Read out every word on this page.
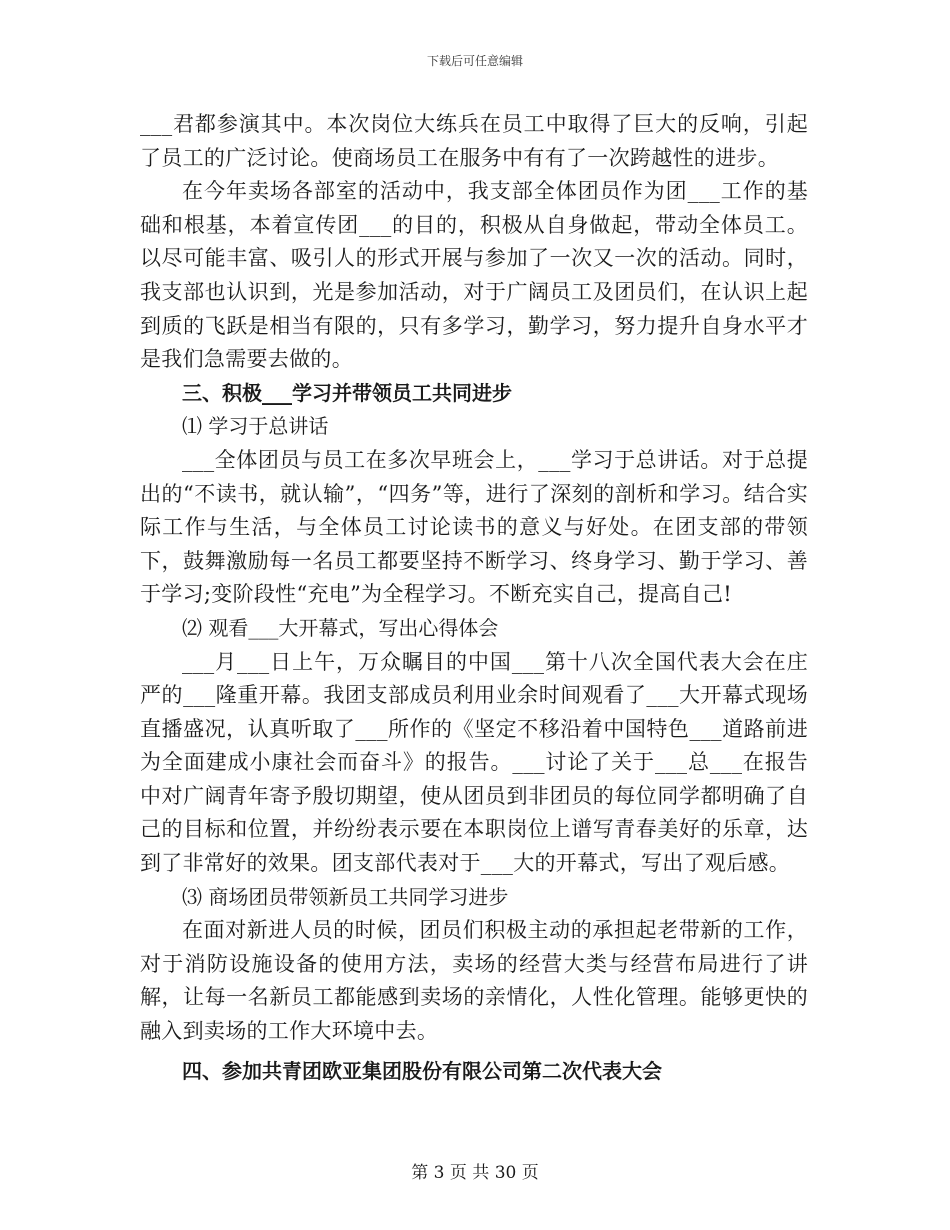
下载后可任意编辑

___君都参演其中。本次岗位大练兵在员工中取得了巨大的反响，引起了员工的广泛讨论。使商场员工在服务中有有了一次跨越性的进步。

在今年卖场各部室的活动中，我支部全体团员作为团___工作的基础和根基，本着宣传团___的目的，积极从自身做起，带动全体员工。以尽可能丰富、吸引人的形式开展与参加了一次又一次的活动。同时，我支部也认识到，光是参加活动，对于广阔员工及团员们，在认识上起到质的飞跃是相当有限的，只有多学习，勤学习，努力提升自身水平才是我们急需要去做的。

三、积极___学习并带领员工共同进步

⑴ 学习于总讲话

___全体团员与员工在多次早班会上，___学习于总讲话。对于总提出的“不读书，就认输”，“四务”等，进行了深刻的剖析和学习。结合实际工作与生活，与全体员工讨论读书的意义与好处。在团支部的带领下，鼓舞激励每一名员工都要坚持不断学习、终身学习、勤于学习、善于学习;变阶段性“充电”为全程学习。不断充实自己，提高自己!

⑵ 观看___大开幕式，写出心得体会

___月___日上午，万众瞩目的中国___第十八次全国代表大会在庄严的___隆重开幕。我团支部成员利用业余时间观看了___大开幕式现场直播盛况，认真听取了___所作的《坚定不移沿着中国特色___道路前进为全面建成小康社会而奋斗》的报告。___讨论了关于___总___在报告中对广阔青年寄予殷切期望，使从团员到非团员的每位同学都明确了自己的目标和位置，并纷纷表示要在本职岗位上谱写青春美好的乐章，达到了非常好的效果。团支部代表对于___大的开幕式，写出了观后感。

⑶ 商场团员带领新员工共同学习进步

在面对新进人员的时候，团员们积极主动的承担起老带新的工作，对于消防设施设备的使用方法，卖场的经营大类与经营布局进行了讲解，让每一名新员工都能感到卖场的亲情化，人性化管理。能够更快的融入到卖场的工作大环境中去。

四、参加共青团欧亚集团股份有限公司第二次代表大会

第 3 页 共 30 页
